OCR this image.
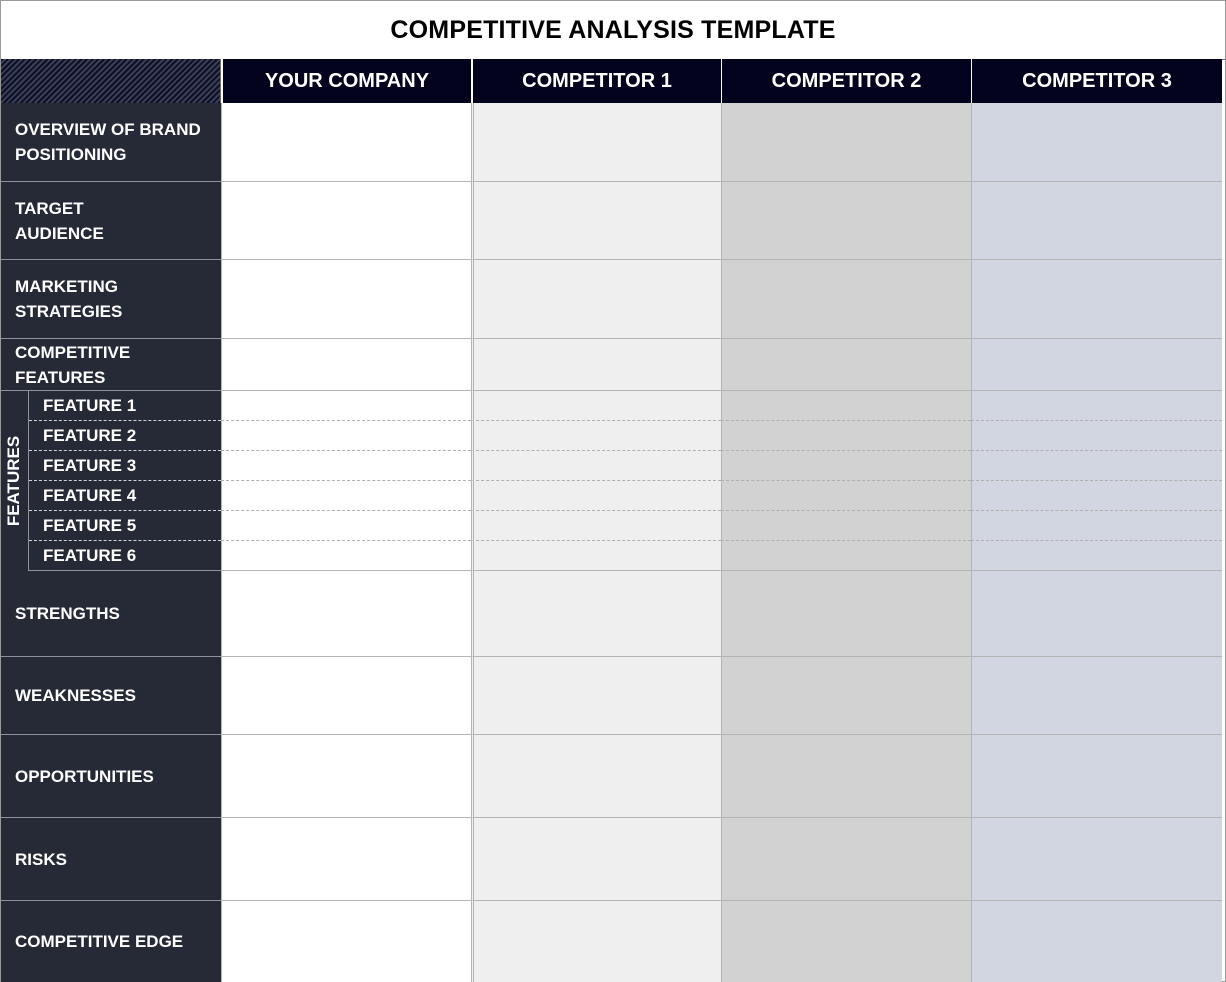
COMPETITIVE ANALYSIS TEMPLATE
YOUR COMPANY	COMPETITOR 1	COMPETITOR 2	COMPETITOR 3
OVERVIEW OF BRAND POSITIONING
TARGET AUDIENCE
MARKETING STRATEGIES
COMPETITIVE FEATURES
FEATURES
FEATURE 1
FEATURE 2
FEATURE 3
FEATURE 4
FEATURE 5
FEATURE 6
STRENGTHS
WEAKNESSES
OPPORTUNITIES
RISKS
COMPETITIVE EDGE
